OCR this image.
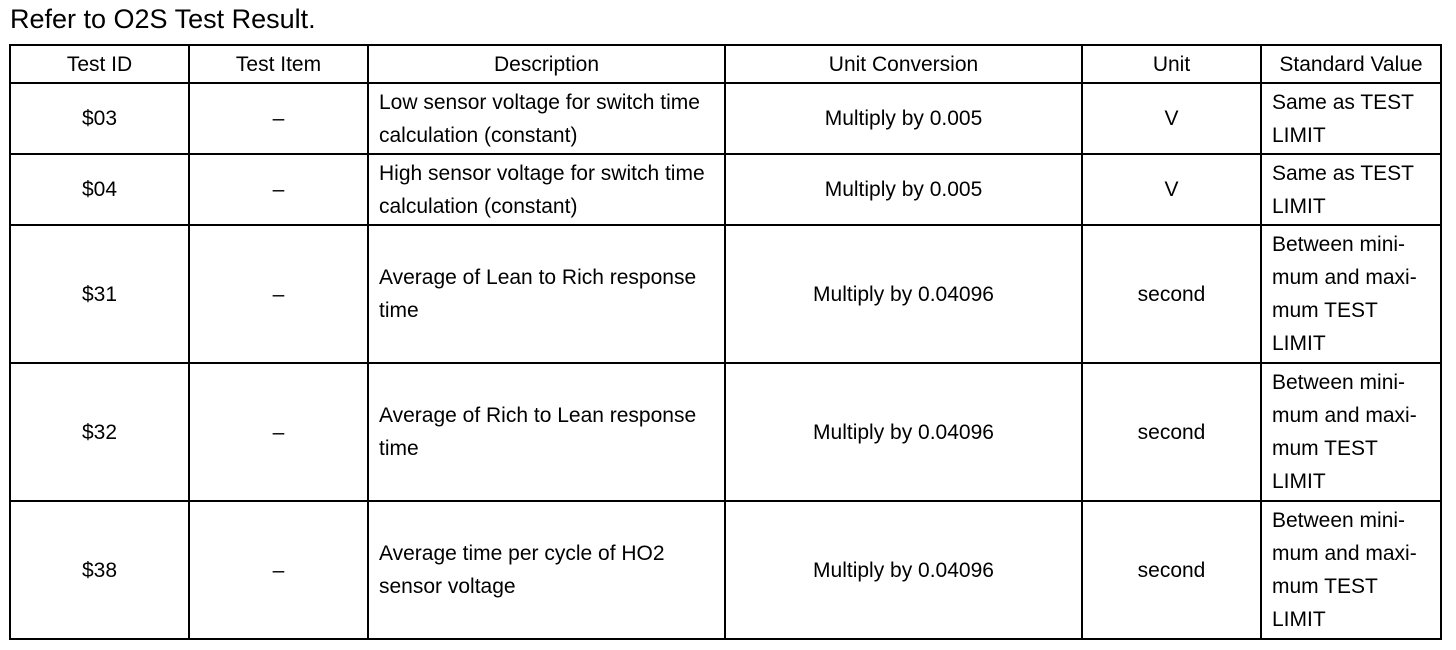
Refer to O2S Test Result.
Test ID	Test Item	Description	Unit Conversion	Unit	Standard Value
$03	–	Low sensor voltage for switch time calculation (constant)	Multiply by 0.005	V	Same as TEST LIMIT
$04	–	High sensor voltage for switch time calculation (constant)	Multiply by 0.005	V	Same as TEST LIMIT
$31	–	Average of Lean to Rich response time	Multiply by 0.04096	second	Between mini-mum and maxi-mum TEST LIMIT
$32	–	Average of Rich to Lean response time	Multiply by 0.04096	second	Between mini-mum and maxi-mum TEST LIMIT
$38	–	Average time per cycle of HO2 sensor voltage	Multiply by 0.04096	second	Between mini-mum and maxi-mum TEST LIMIT
